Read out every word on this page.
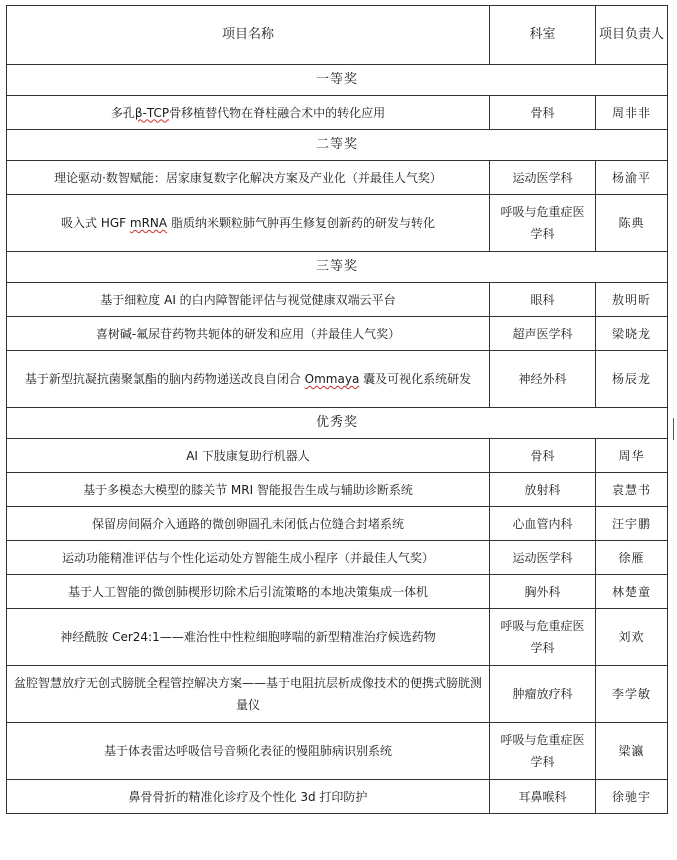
项目名称	科室	项目负责人
一等奖		
多孔β-TCP骨移植替代物在脊柱融合术中的转化应用	骨科	周非非
二等奖		
理论驱动·数智赋能：居家康复数字化解决方案及产业化（并最佳人气奖）	运动医学科	杨渝平
吸入式 HGF mRNA 脂质纳米颗粒肺气肿再生修复创新药的研发与转化	呼吸与危重症医学科	陈典
三等奖		
基于细粒度 AI 的白内障智能评估与视觉健康双端云平台	眼科	敖明昕
喜树碱-氟尿苷药物共轭体的研发和应用（并最佳人气奖）	超声医学科	梁晓龙
基于新型抗凝抗菌聚氯酯的脑内药物递送改良自闭合 Ommaya 囊及可视化系统研发	神经外科	杨辰龙
优秀奖		
AI 下肢康复助行机器人	骨科	周华
基于多模态大模型的膝关节 MRI 智能报告生成与辅助诊断系统	放射科	袁慧书
保留房间隔介入通路的微创卵圆孔未闭低占位缝合封堵系统	心血管内科	汪宇鹏
运动功能精准评估与个性化运动处方智能生成小程序（并最佳人气奖）	运动医学科	徐雁
基于人工智能的微创肺楔形切除术后引流策略的本地决策集成一体机	胸外科	林楚童
神经酰胺 Cer24:1——难治性中性粒细胞哮喘的新型精准治疗候选药物	呼吸与危重症医学科	刘欢
盆腔智慧放疗无创式膀胱全程管控解决方案——基于电阻抗层析成像技术的便携式膀胱测量仪	肿瘤放疗科	李学敏
基于体表雷达呼吸信号音频化表征的慢阻肺病识别系统	呼吸与危重症医学科	梁瀛
鼻骨骨折的精准化诊疗及个性化 3d 打印防护	耳鼻喉科	徐驰宇
